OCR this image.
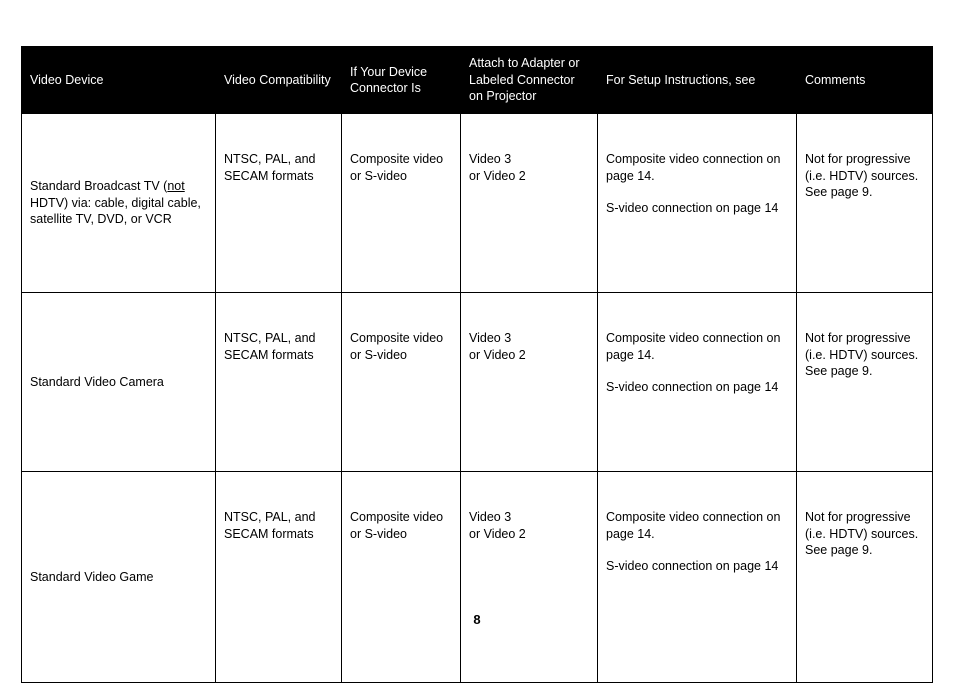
Video Device	Video Compatibility	If Your Device
Connector Is	Attach to Adapter or
Labeled Connector
on Projector	For Setup Instructions, see	Comments

Standard Broadcast TV (not
HDTV) via: cable, digital cable,
satellite TV, DVD, or VCR	NTSC, PAL, and
SECAM formats	Composite video
or S-video	Video 3
or Video 2	Composite video connection on
page 14.
S-video connection on page 14	Not for progressive
(i.e. HDTV) sources.
See page 9.

Standard Video Camera	NTSC, PAL, and
SECAM formats	Composite video
or S-video	Video 3
or Video 2	Composite video connection on
page 14.
S-video connection on page 14	Not for progressive
(i.e. HDTV) sources.
See page 9.

Standard Video Game	NTSC, PAL, and
SECAM formats	Composite video
or S-video	Video 3
or Video 2	Composite video connection on
page 14.
S-video connection on page 14	Not for progressive
(i.e. HDTV) sources.
See page 9.
8
